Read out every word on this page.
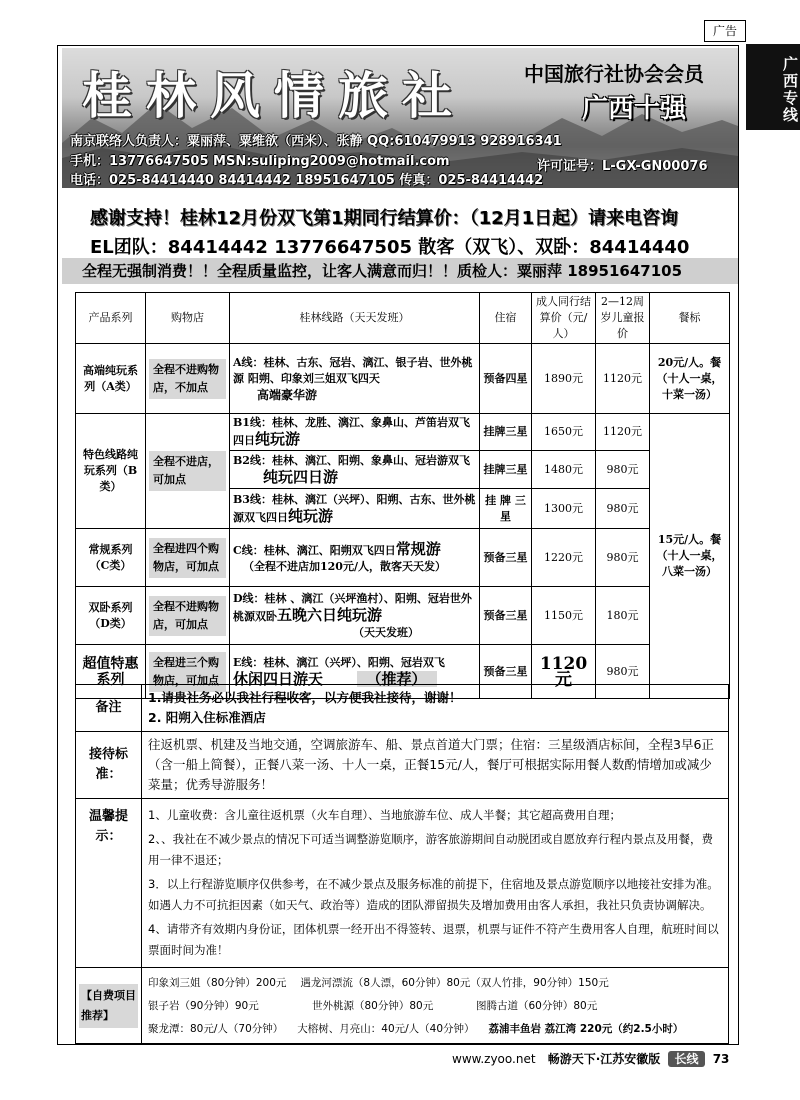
广告
广西专线
桂林风情旅社	中国旅行社协会会员
广西十强
南京联络人负责人：粟丽萍、粟维欲（西米）、张静 QQ:610479913 928916341
手机：13776647505 MSN:suliping2009@hotmail.com
电话：025-84414440 84414442 18951647105 传真：025-84414442
许可证号：L-GX-GN00076
感谢支持！桂林12月份双飞第1期同行结算价：（12月1日起）请来电咨询
EL团队：84414442 13776647505 散客（双飞）、双卧：84414440
全程无强制消费！！全程质量监控，让客人满意而归！！质检人：粟丽萍 18951647105
产品系列	购物店	桂林线路（天天发班）	住宿	成人同行结算价（元/人）	2—12周岁儿童报价	餐标
高端纯玩系列（A类）	全程不进购物店，不加点	A线：桂林、古东、冠岩、漓江、银子岩、世外桃源 阳朔、印象刘三姐双飞四天
高端豪华游	预备四星	1890元	1120元	20元/人。餐（十人一桌，十菜一汤）
特色线路纯玩系列（B类）	全程不进店，可加点	B1线：桂林、龙胜、漓江、象鼻山、芦笛岩双飞四日纯玩游	挂牌三星	1650元	1120元	15元/人。餐（十人一桌，八菜一汤）
		B2线：桂林、漓江、阳朔、象鼻山、冠岩游双飞
纯玩四日游	挂牌三星	1480元	980元	
		B3线：桂林、漓江（兴坪）、阳朔、古东、世外桃源双飞四日纯玩游	挂 牌 三星	1300元	980元	
常规系列（C类）	全程进四个购物店，可加点	C线：桂林、漓江、阳朔双飞四日常规游
（全程不进店加120元/人，散客天天发）	预备三星	1220元	980元	
双卧系列（D类）	全程不进购物店，可加点	D线：桂林 、漓江（兴坪渔村）、阳朔、冠岩世外桃源双卧五晚六日纯玩游
（天天发班）	预备三星	1150元	180元	
超值特惠系列	全程进三个购物店，可加点	E线：桂林、漓江（兴坪）、阳朔、冠岩双飞
休闲四日游天 （推荐）	预备三星	1120元	980元	
备注	1.请贵社务必以我社行程收客，以方便我社接待，谢谢！
2. 阳朔入住标准酒店

接待标准：	往返机票、机建及当地交通，空调旅游车、船、景点首道大门票；住宿：三星级酒店标间，全程3早6正（含一船上简餐），正餐八菜一汤、十人一桌，正餐15元/人，餐厅可根据实际用餐人数酌情增加或减少菜量；优秀导游服务！
温馨提示：	1、儿童收费：含儿童往返机票（火车自理）、当地旅游车位、成人半餐；其它超高费用自理；

2、、我社在不减少景点的情况下可适当调整游览顺序，游客旅游期间自动脱团或自愿放弃行程内景点及用餐，费用一律不退还；

3．以上行程游览顺序仅供参考，在不减少景点及服务标准的前提下，住宿地及景点游览顺序以地接社安排为准。如遇人力不可抗拒因素（如天气、政治等）造成的团队滞留损失及增加费用由客人承担，我社只负责协调解决。

4、请带齐有效期内身份证，团体机票一经开出不得签转、退票，机票与证件不符产生费用客人自理，航班时间以票面时间为准！

【自费项目推荐】	印象刘三姐（80分钟）200元 遇龙河漂流（8人漂，60分钟）80元（双人竹排，90分钟）150元
银子岩（90分钟）90元 世外桃源（80分钟）80元 图腾古道（60分钟）80元
聚龙潭：80元/人（70分钟） 大榕树、月亮山：40元/人（40分钟） 荔浦丰鱼岩 荔江湾 220元（约2.5小时）
www.zyoo.net 畅游天下·江苏安徽版 长线 73
